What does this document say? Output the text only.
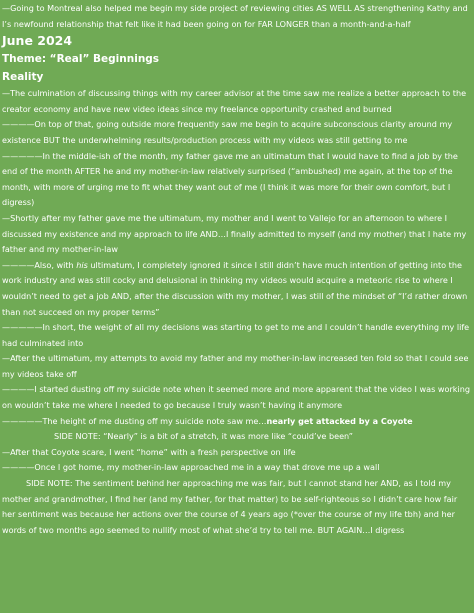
—Going to Montreal also helped me begin my side project of reviewing cities AS WELL AS strengthening Kathy and I’s newfound relationship that felt like it had been going on for FAR LONGER than a month-and-a-half
June 2024
Theme: “Real” Beginnings
Reality
—The culmination of discussing things with my career advisor at the time saw me realize a better approach to the creator economy and have new video ideas since my freelance opportunity crashed and burned
————On top of that, going outside more frequently saw me begin to acquire subconscious clarity around my existence BUT the underwhelming results/production process with my videos was still getting to me
—————In the middle-ish of the month, my father gave me an ultimatum that I would have to find a job by the end of the month AFTER he and my mother-in-law relatively surprised (“ambushed) me again, at the top of the month, with more of urging me to fit what they want out of me (I think it was more for their own comfort, but I digress)
—Shortly after my father gave me the ultimatum, my mother and I went to Vallejo for an afternoon to where I discussed my existence and my approach to life AND…I finally admitted to myself (and my mother) that I hate my father and my mother-in-law
————Also, with his ultimatum, I completely ignored it since I still didn’t have much intention of getting into the work industry and was still cocky and delusional in thinking my videos would acquire a meteoric rise to where I wouldn’t need to get a job AND, after the discussion with my mother, I was still of the mindset of “I’d rather drown than not succeed on my proper terms”
—————In short, the weight of all my decisions was starting to get to me and I couldn’t handle everything my life had culminated into
—After the ultimatum, my attempts to avoid my father and my mother-in-law increased ten fold so that I could see my videos take off
————I started dusting off my suicide note when it seemed more and more apparent that the video I was working on wouldn’t take me where I needed to go because I truly wasn’t having it anymore
—————The height of me dusting off my suicide note saw me…nearly get attacked by a Coyote
SIDE NOTE: “Nearly” is a bit of a stretch, it was more like “could’ve been”
—After that Coyote scare, I went “home” with a fresh perspective on life
————Once I got home, my mother-in-law approached me in a way that drove me up a wall
SIDE NOTE: The sentiment behind her approaching me was fair, but I cannot stand her AND, as I told my mother and grandmother, I find her (and my father, for that matter) to be self-righteous so I didn’t care how fair her sentiment was because her actions over the course of 4 years ago (*over the course of my life tbh) and her words of two months ago seemed to nullify most of what she’d try to tell me. BUT AGAIN…I digress
